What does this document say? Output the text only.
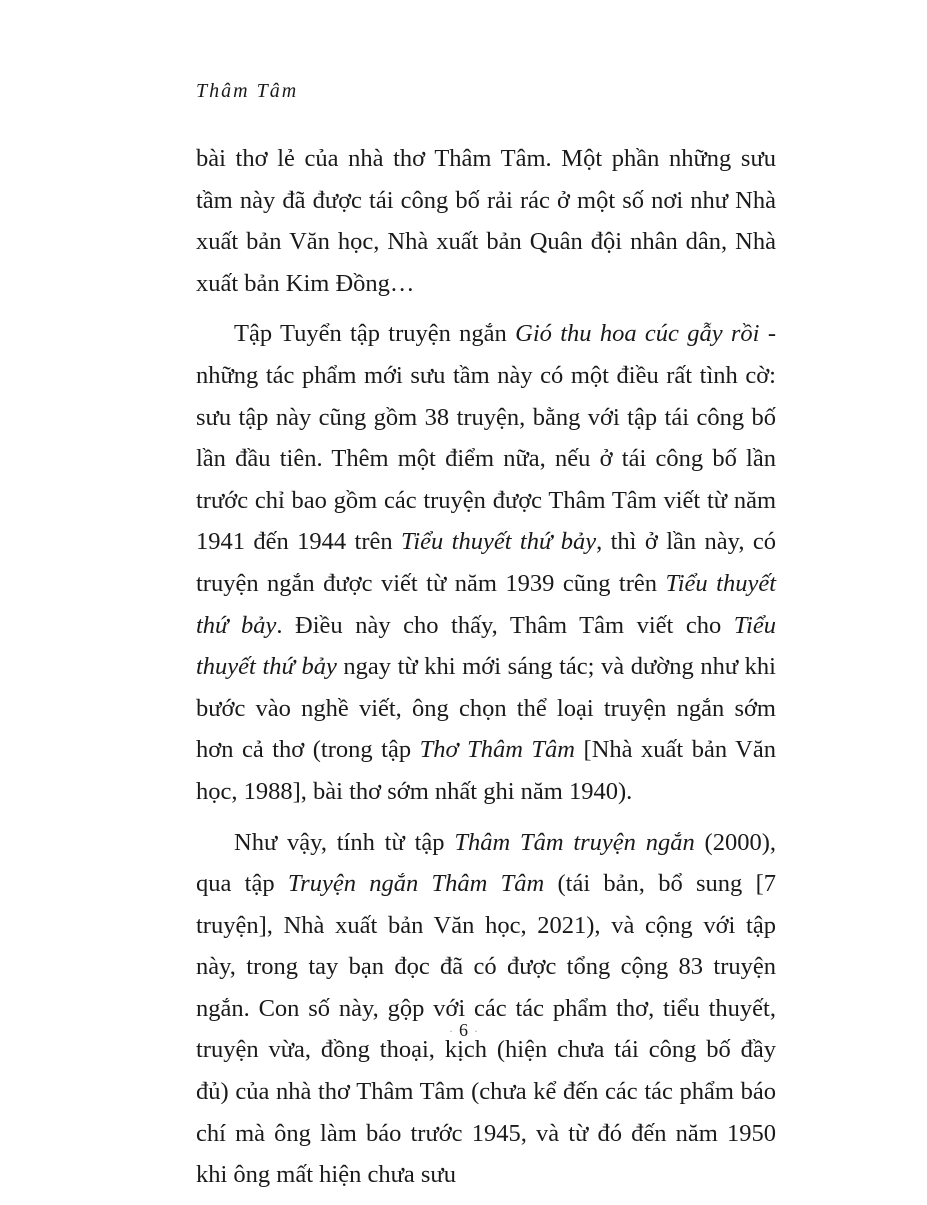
Thâm Tâm

bài thơ lẻ của nhà thơ Thâm Tâm. Một phần những sưu tầm này đã được tái công bố rải rác ở một số nơi như Nhà xuất bản Văn học, Nhà xuất bản Quân đội nhân dân, Nhà xuất bản Kim Đồng…

Tập Tuyển tập truyện ngắn Gió thu hoa cúc gẫy rồi - những tác phẩm mới sưu tầm này có một điều rất tình cờ: sưu tập này cũng gồm 38 truyện, bằng với tập tái công bố lần đầu tiên. Thêm một điểm nữa, nếu ở tái công bố lần trước chỉ bao gồm các truyện được Thâm Tâm viết từ năm 1941 đến 1944 trên Tiểu thuyết thứ bảy, thì ở lần này, có truyện ngắn được viết từ năm 1939 cũng trên Tiểu thuyết thứ bảy. Điều này cho thấy, Thâm Tâm viết cho Tiểu thuyết thứ bảy ngay từ khi mới sáng tác; và dường như khi bước vào nghề viết, ông chọn thể loại truyện ngắn sớm hơn cả thơ (trong tập Thơ Thâm Tâm [Nhà xuất bản Văn học, 1988], bài thơ sớm nhất ghi năm 1940).

Như vậy, tính từ tập Thâm Tâm truyện ngắn (2000), qua tập Truyện ngắn Thâm Tâm (tái bản, bổ sung [7 truyện], Nhà xuất bản Văn học, 2021), và cộng với tập này, trong tay bạn đọc đã có được tổng cộng 83 truyện ngắn. Con số này, gộp với các tác phẩm thơ, tiểu thuyết, truyện vừa, đồng thoại, kịch (hiện chưa tái công bố đầy đủ) của nhà thơ Thâm Tâm (chưa kể đến các tác phẩm báo chí mà ông làm báo trước 1945, và từ đó đến năm 1950 khi ông mất hiện chưa sưu

· 6 ·
